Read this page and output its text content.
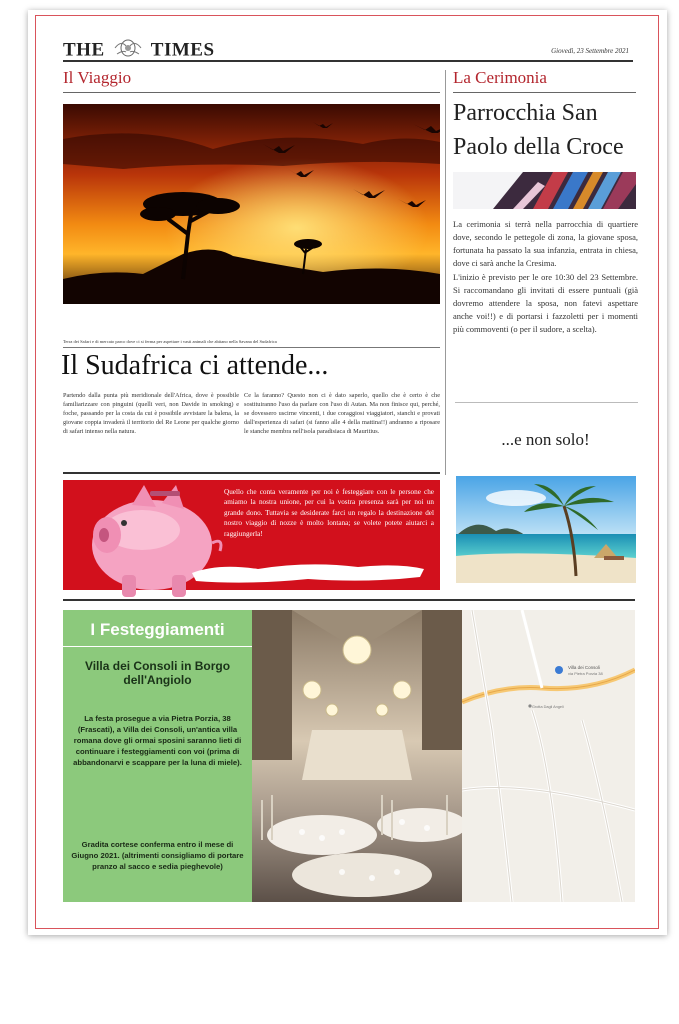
THE TIMES	Giovedì, 23 Settembre 2021
Il Viaggio
Terra dei Safari e di mercato parco dove ci si ferma per aspettare i vasti animali che abitano nella Savana del Sudafrica
Il Sudafrica ci attende...
Partendo dalla punta più meridionale dell'Africa, dove è possibile familiarizzare con pinguini (quelli veri, non Davide in smoking) e foche, passando per la costa da cui è possibile avvistare la balena, la giovane coppia invaderà il territorio del Re Leone per qualche giorno di safari intenso nella natura.
Ce la faranno? Questo non ci è dato saperlo, quello che è certo è che sostituiranno l'uso da parlare con l'uso di Autan. Ma non finisce qui, perché, se dovessero uscirne vincenti, i due coraggiosi viaggiatori, stanchi e provati dall'esperienza di safari (si fanno alle 4 della mattina!!) andranno a riposare le stanche membra nell'isola paradisiaca di Mauritius.
Quello che conta veramente per noi è festeggiare con le persone che amiamo la nostra unione, per cui la vostra presenza sarà per noi un grande dono. Tuttavia se desiderate farci un regalo la destinazione del nostro viaggio di nozze è molto lontana; se volete potete aiutarci a raggiungerla!
La Cerimonia
Parrocchia San Paolo della Croce
La cerimonia si terrà nella parrocchia di quartiere dove, secondo le pettegole di zona, la giovane sposa, fortunata ha passato la sua infanzia, entrata in chiesa, dove ci sarà anche la Cresima.
L'inizio è previsto per le ore 10:30 del 23 Settembre. Si raccomandano gli invitati di essere puntuali (già dovremo attendere la sposa, non fatevi aspettare anche voi!!) e di portarsi i fazzoletti per i momenti più commoventi (o per il sudore, a scelta).
...e non solo!
I Festeggiamenti
Villa dei Consoli in Borgo dell'Angiolo
La festa prosegue a via Pietra Porzia, 38 (Frascati), a Villa dei Consoli, un'antica villa romana dove gli ormai sposini saranno lieti di continuare i festeggiamenti con voi (prima di abbandonarvi e scappare per la luna di miele).
Gradita cortese conferma entro il mese di Giugno 2021. (altrimenti consigliamo di portare pranzo al sacco e sedia pieghevole)
Villa dei Consoli
via Pietra Porzia 38
Grotta Dagli Angeli
